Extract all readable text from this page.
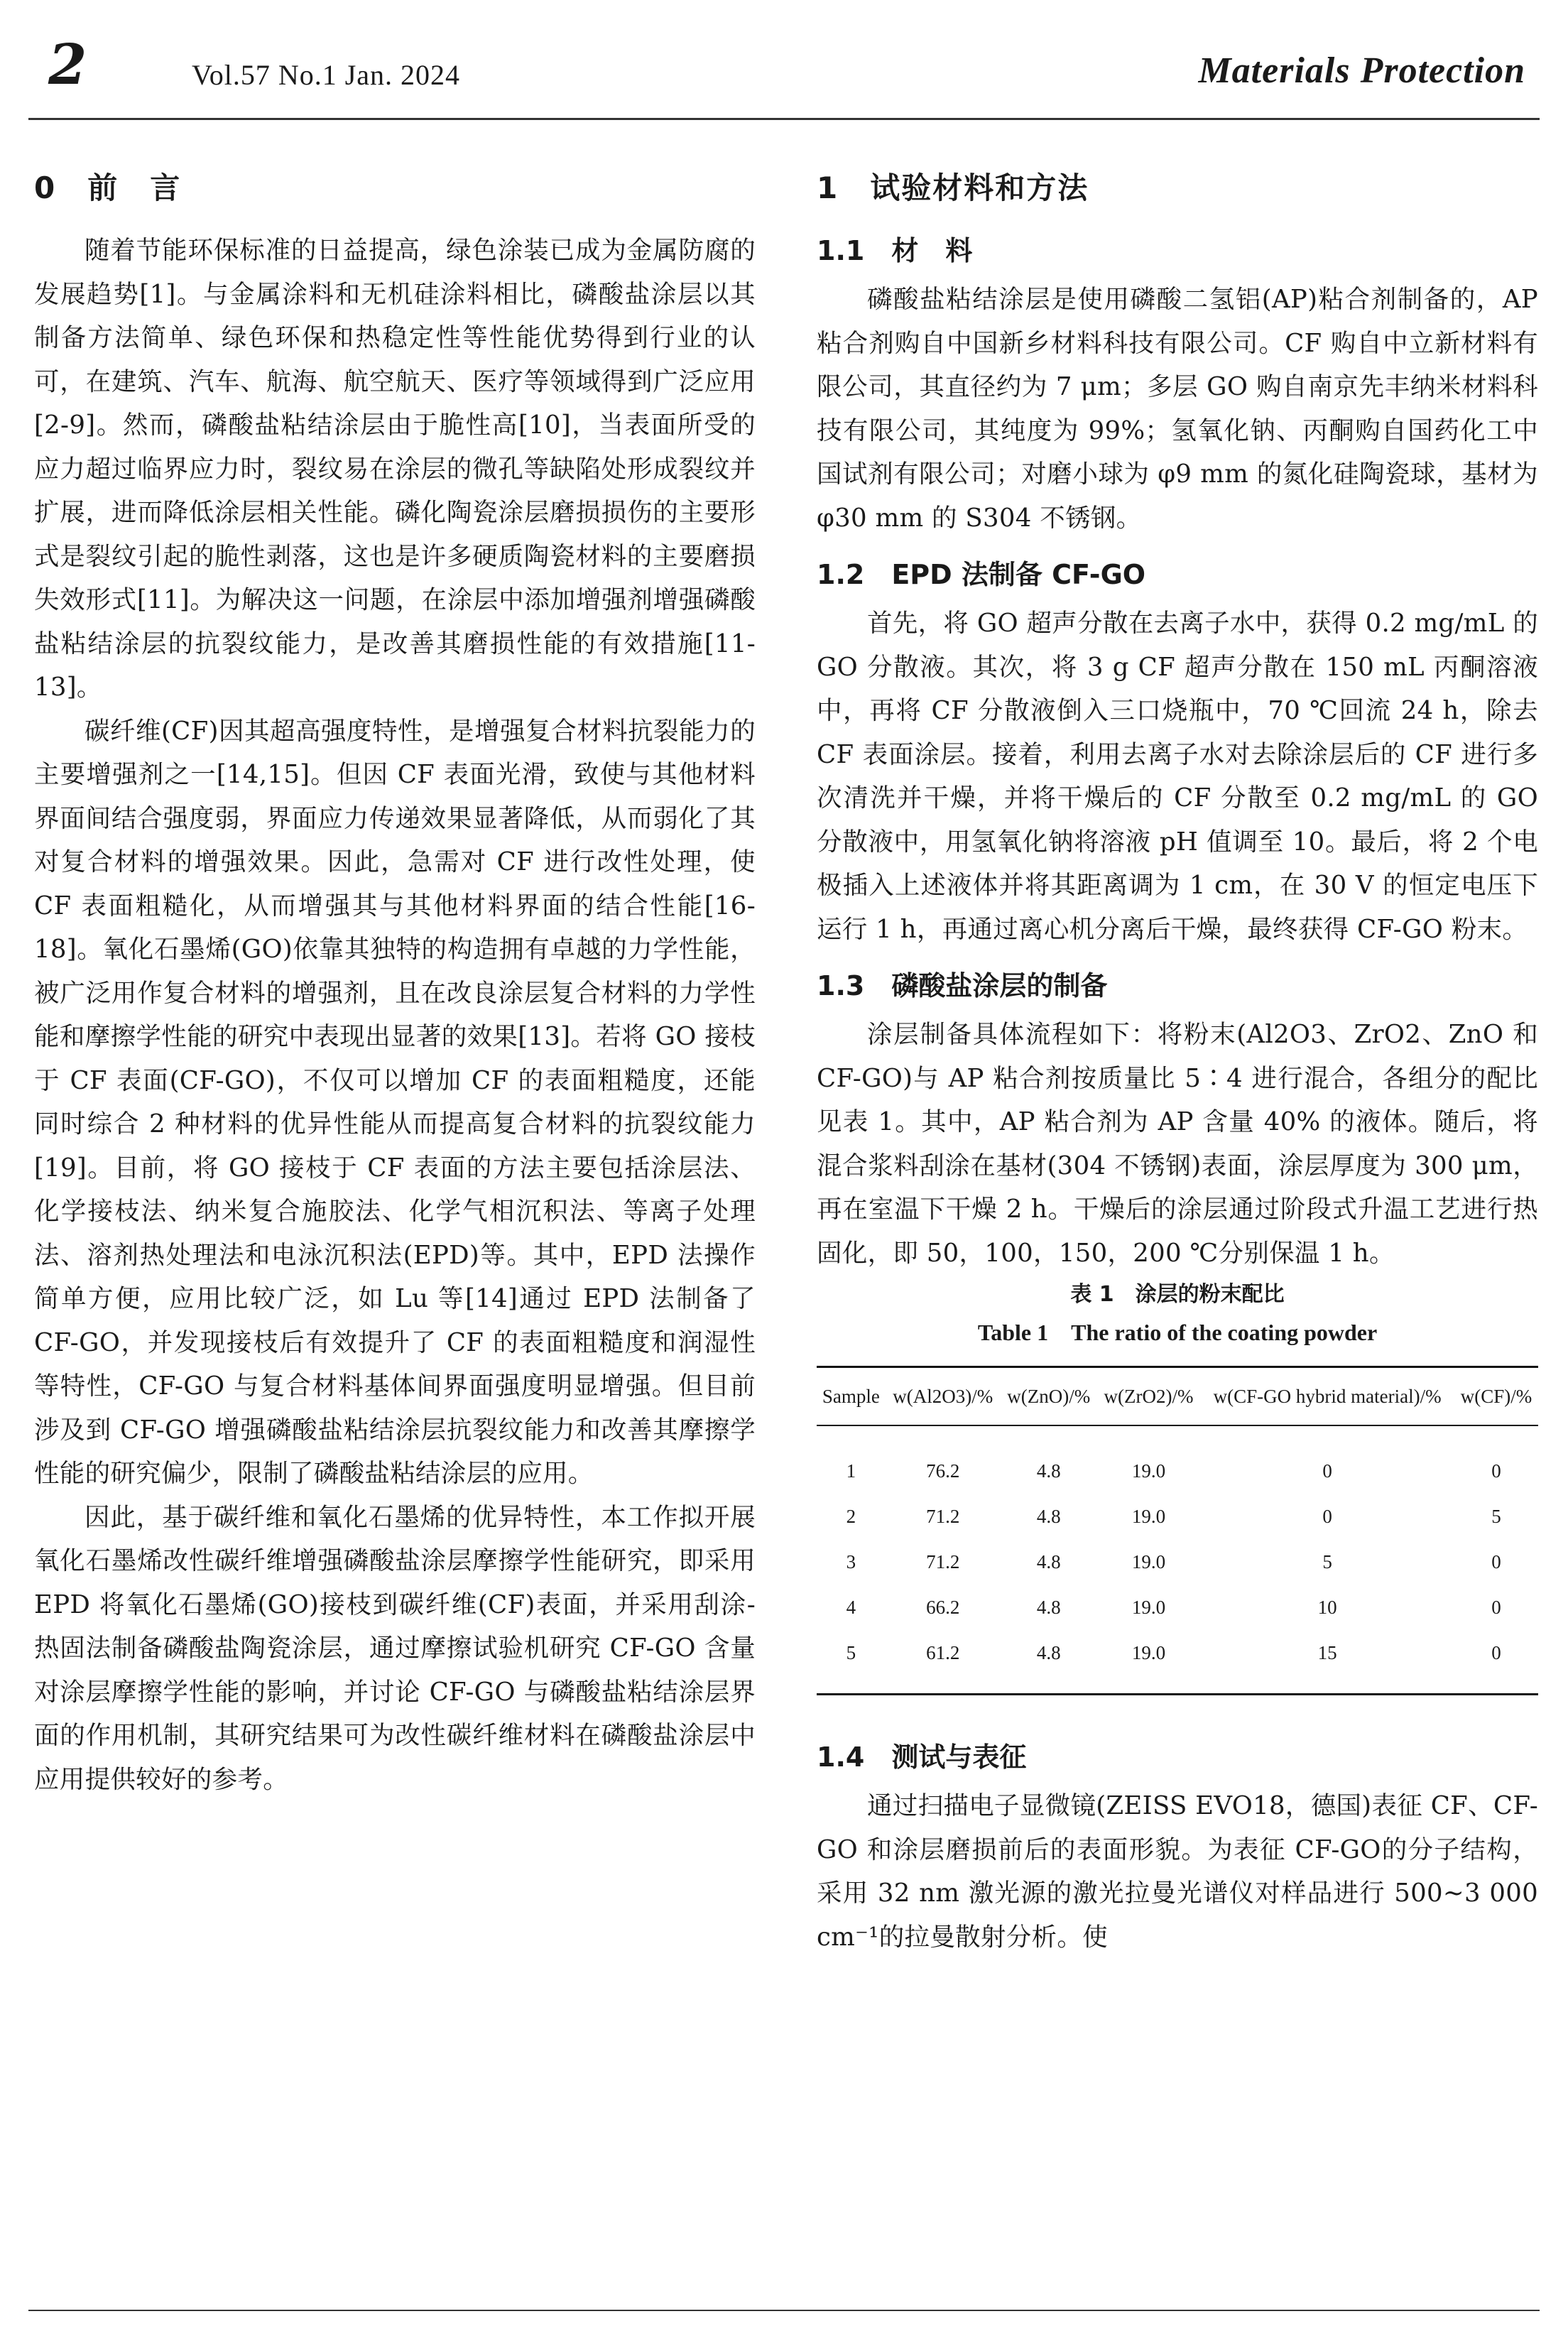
2	Vol.57 No.1 Jan. 2024	Materials Protection
0　前　言

随着节能环保标准的日益提高，绿色涂装已成为金属防腐的发展趋势[1]。与金属涂料和无机硅涂料相比，磷酸盐涂层以其制备方法简单、绿色环保和热稳定性等性能优势得到行业的认可，在建筑、汽车、航海、航空航天、医疗等领域得到广泛应用[2-9]。然而，磷酸盐粘结涂层由于脆性高[10]，当表面所受的应力超过临界应力时，裂纹易在涂层的微孔等缺陷处形成裂纹并扩展，进而降低涂层相关性能。磷化陶瓷涂层磨损损伤的主要形式是裂纹引起的脆性剥落，这也是许多硬质陶瓷材料的主要磨损失效形式[11]。为解决这一问题，在涂层中添加增强剂增强磷酸盐粘结涂层的抗裂纹能力，是改善其磨损性能的有效措施[11-13]。

碳纤维(CF)因其超高强度特性，是增强复合材料抗裂能力的主要增强剂之一[14,15]。但因 CF 表面光滑，致使与其他材料界面间结合强度弱，界面应力传递效果显著降低，从而弱化了其对复合材料的增强效果。因此，急需对 CF 进行改性处理，使 CF 表面粗糙化，从而增强其与其他材料界面的结合性能[16-18]。氧化石墨烯(GO)依靠其独特的构造拥有卓越的力学性能，被广泛用作复合材料的增强剂，且在改良涂层复合材料的力学性能和摩擦学性能的研究中表现出显著的效果[13]。若将 GO 接枝于 CF 表面(CF-GO)，不仅可以增加 CF 的表面粗糙度，还能同时综合 2 种材料的优异性能从而提高复合材料的抗裂纹能力[19]。目前，将 GO 接枝于 CF 表面的方法主要包括涂层法、化学接枝法、纳米复合施胶法、化学气相沉积法、等离子处理法、溶剂热处理法和电泳沉积法(EPD)等。其中，EPD 法操作简单方便，应用比较广泛，如 Lu 等[14]通过 EPD 法制备了 CF-GO，并发现接枝后有效提升了 CF 的表面粗糙度和润湿性等特性，CF-GO 与复合材料基体间界面强度明显增强。但目前涉及到 CF-GO 增强磷酸盐粘结涂层抗裂纹能力和改善其摩擦学性能的研究偏少，限制了磷酸盐粘结涂层的应用。

因此，基于碳纤维和氧化石墨烯的优异特性，本工作拟开展氧化石墨烯改性碳纤维增强磷酸盐涂层摩擦学性能研究，即采用 EPD 将氧化石墨烯(GO)接枝到碳纤维(CF)表面，并采用刮涂-热固法制备磷酸盐陶瓷涂层，通过摩擦试验机研究 CF-GO 含量对涂层摩擦学性能的影响，并讨论 CF-GO 与磷酸盐粘结涂层界面的作用机制，其研究结果可为改性碳纤维材料在磷酸盐涂层中应用提供较好的参考。

1　试验材料和方法
1.1　材　料

磷酸盐粘结涂层是使用磷酸二氢铝(AP)粘合剂制备的，AP 粘合剂购自中国新乡材料科技有限公司。CF 购自中立新材料有限公司，其直径约为 7 μm；多层 GO 购自南京先丰纳米材料科技有限公司，其纯度为 99%；氢氧化钠、丙酮购自国药化工中国试剂有限公司；对磨小球为 φ9 mm 的氮化硅陶瓷球，基材为 φ30 mm 的 S304 不锈钢。

1.2　EPD 法制备 CF-GO

首先，将 GO 超声分散在去离子水中，获得 0.2 mg/mL 的 GO 分散液。其次，将 3 g CF 超声分散在 150 mL 丙酮溶液中，再将 CF 分散液倒入三口烧瓶中，70 ℃回流 24 h，除去 CF 表面涂层。接着，利用去离子水对去除涂层后的 CF 进行多次清洗并干燥，并将干燥后的 CF 分散至 0.2 mg/mL 的 GO 分散液中，用氢氧化钠将溶液 pH 值调至 10。最后，将 2 个电极插入上述液体并将其距离调为 1 cm，在 30 V 的恒定电压下运行 1 h，再通过离心机分离后干燥，最终获得 CF-GO 粉末。

1.3　磷酸盐涂层的制备

涂层制备具体流程如下：将粉末(Al2O3、ZrO2、ZnO 和 CF-GO)与 AP 粘合剂按质量比 5∶4 进行混合，各组分的配比见表 1。其中，AP 粘合剂为 AP 含量 40% 的液体。随后，将混合浆料刮涂在基材(304 不锈钢)表面，涂层厚度为 300 μm，再在室温下干燥 2 h。干燥后的涂层通过阶段式升温工艺进行热固化，即 50，100，150，200 ℃分别保温 1 h。

表 1　涂层的粉末配比
Table 1　The ratio of the coating powder
Sample	w(Al2O3)/%	w(ZnO)/%	w(ZrO2)/%	w(CF-GO hybrid material)/%	w(CF)/%
1	76.2	4.8	19.0	0	0
2	71.2	4.8	19.0	0	5
3	71.2	4.8	19.0	5	0
4	66.2	4.8	19.0	10	0
5	61.2	4.8	19.0	15	0
1.4　测试与表征

通过扫描电子显微镜(ZEISS EVO18，德国)表征 CF、CF-GO 和涂层磨损前后的表面形貌。为表征 CF-GO的分子结构，采用 32 nm 激光源的激光拉曼光谱仪对样品进行 500~3 000 cm⁻¹的拉曼散射分析。使
